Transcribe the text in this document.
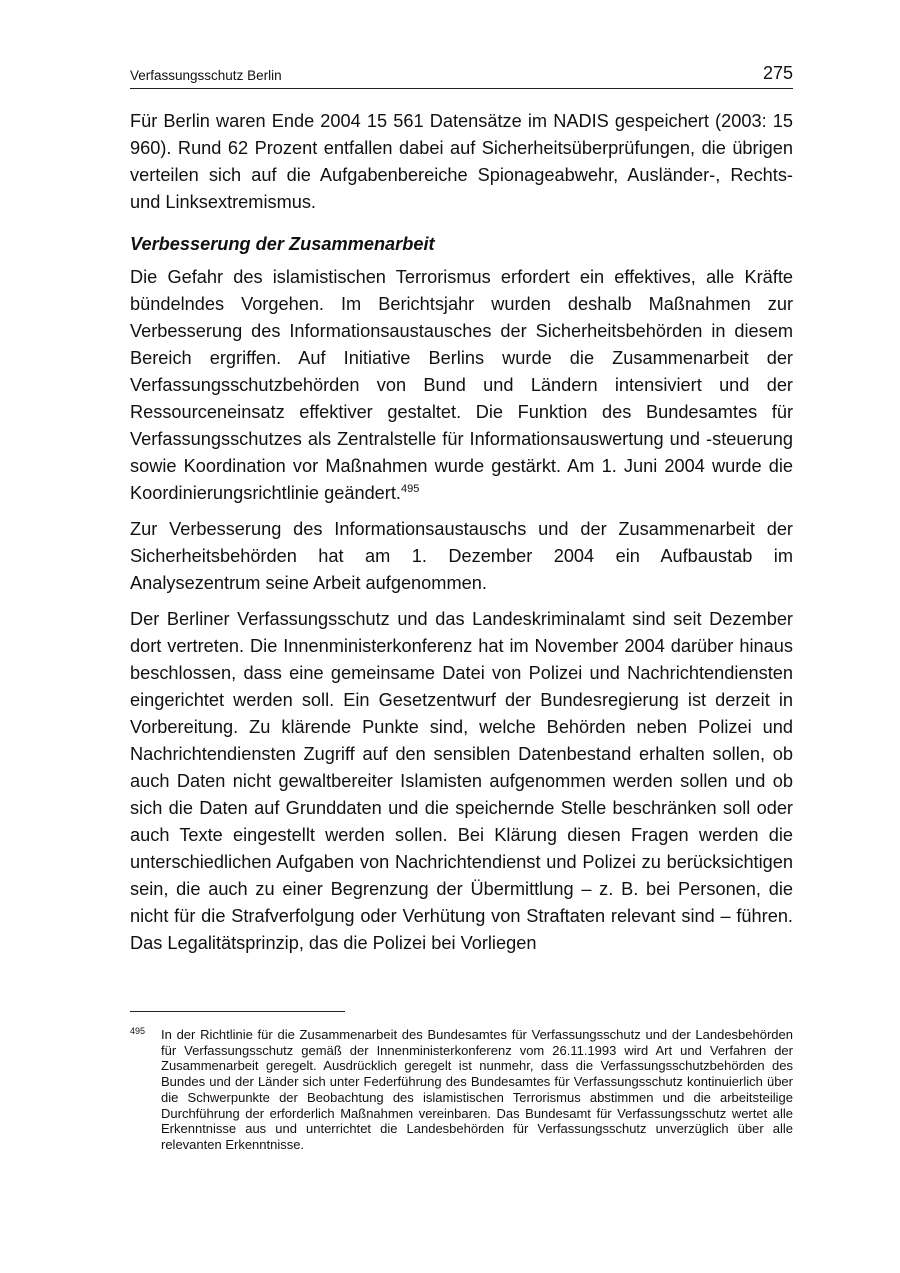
Verfassungsschutz Berlin	275

Für Berlin waren Ende 2004 15 561 Datensätze im NADIS gespeichert (2003: 15 960). Rund 62 Prozent entfallen dabei auf Sicherheitsüberprüfungen, die übrigen verteilen sich auf die Aufgabenbereiche Spionageabwehr, Ausländer-, Rechts- und Linksextremismus.

Verbesserung der Zusammenarbeit

Die Gefahr des islamistischen Terrorismus erfordert ein effektives, alle Kräfte bündelndes Vorgehen. Im Berichtsjahr wurden deshalb Maßnahmen zur Verbesserung des Informationsaustausches der Sicherheitsbehörden in diesem Bereich ergriffen. Auf Initiative Berlins wurde die Zusammenarbeit der Verfassungsschutzbehörden von Bund und Ländern intensiviert und der Ressourceneinsatz effektiver gestaltet. Die Funktion des Bundesamtes für Verfassungsschutzes als Zentralstelle für Informationsauswertung und -steuerung sowie Koordination vor Maßnahmen wurde gestärkt. Am 1. Juni 2004 wurde die Koordinierungsrichtlinie geändert.$^{495}$

Zur Verbesserung des Informationsaustauschs und der Zusammenarbeit der Sicherheitsbehörden hat am 1. Dezember 2004 ein Aufbaustab im Analysezentrum seine Arbeit aufgenommen.

Der Berliner Verfassungsschutz und das Landeskriminalamt sind seit Dezember dort vertreten. Die Innenministerkonferenz hat im November 2004 darüber hinaus beschlossen, dass eine gemeinsame Datei von Polizei und Nachrichtendiensten eingerichtet werden soll. Ein Gesetzentwurf der Bundesregierung ist derzeit in Vorbereitung. Zu klärende Punkte sind, welche Behörden neben Polizei und Nachrichtendiensten Zugriff auf den sensiblen Datenbestand erhalten sollen, ob auch Daten nicht gewaltbereiter Islamisten aufgenommen werden sollen und ob sich die Daten auf Grunddaten und die speichernde Stelle beschränken soll oder auch Texte eingestellt werden sollen. Bei Klärung diesen Fragen werden die unterschiedlichen Aufgaben von Nachrichtendienst und Polizei zu berücksichtigen sein, die auch zu einer Begrenzung der Übermittlung – z. B. bei Personen, die nicht für die Strafverfolgung oder Verhütung von Straftaten relevant sind – führen. Das Legalitätsprinzip, das die Polizei bei Vorliegen

495 In der Richtlinie für die Zusammenarbeit des Bundesamtes für Verfassungsschutz und der Landesbehörden für Verfassungsschutz gemäß der Innenministerkonferenz vom 26.11.1993 wird Art und Verfahren der Zusammenarbeit geregelt. Ausdrücklich geregelt ist nunmehr, dass die Verfassungsschutzbehörden des Bundes und der Länder sich unter Federführung des Bundesamtes für Verfassungsschutz kontinuierlich über die Schwerpunkte der Beobachtung des islamistischen Terrorismus abstimmen und die arbeitsteilige Durchführung der erforderlich Maßnahmen vereinbaren. Das Bundesamt für Verfassungsschutz wertet alle Erkenntnisse aus und unterrichtet die Landesbehörden für Verfassungsschutz unverzüglich über alle relevanten Erkenntnisse.
